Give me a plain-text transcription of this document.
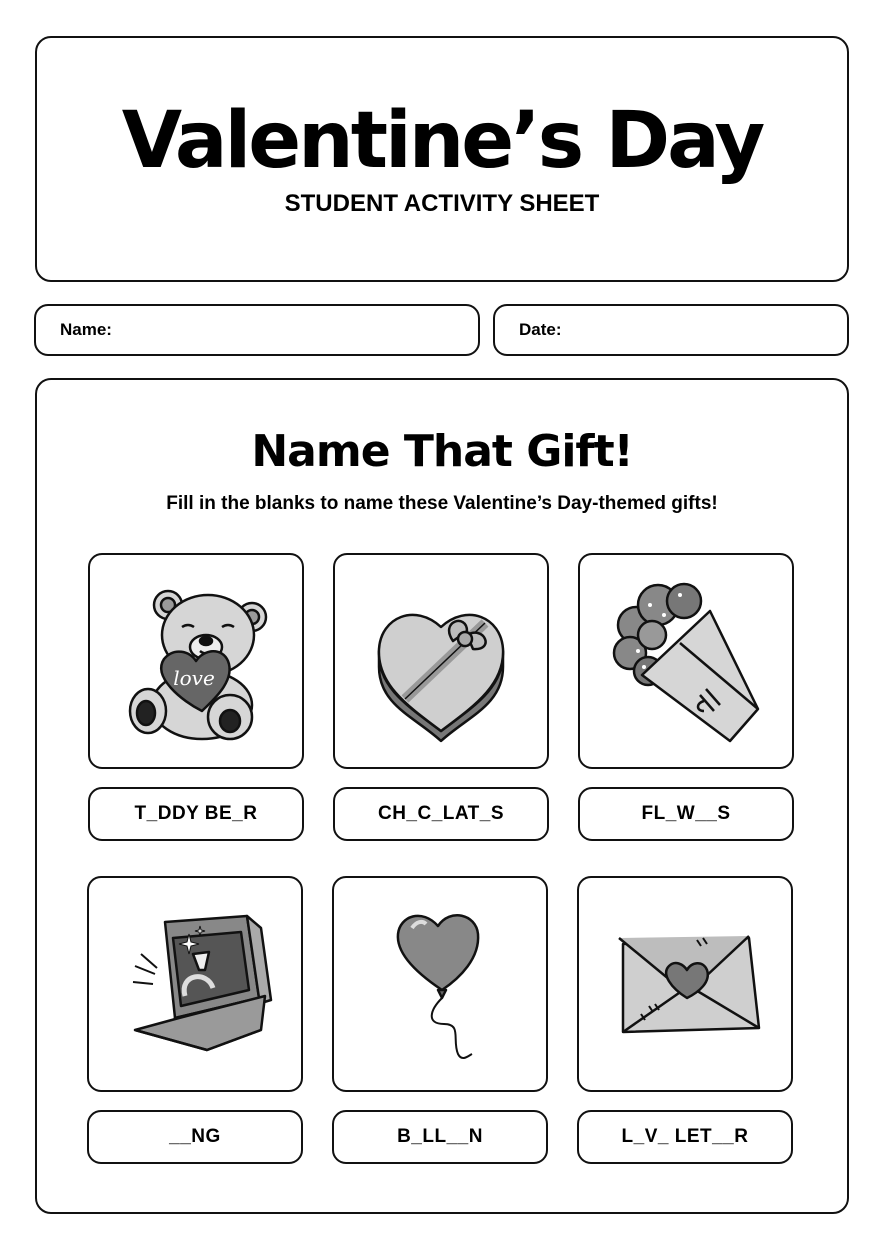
Valentine’s Day
STUDENT ACTIVITY SHEET
Name:	Date:
Name That Gift!
Fill in the blanks to name these Valentine’s Day-themed gifts!
love
T_DDY BE_R	CH_C_LAT_S	FL_W__S
__NG	B_LL__N	L_V_ LET__R
